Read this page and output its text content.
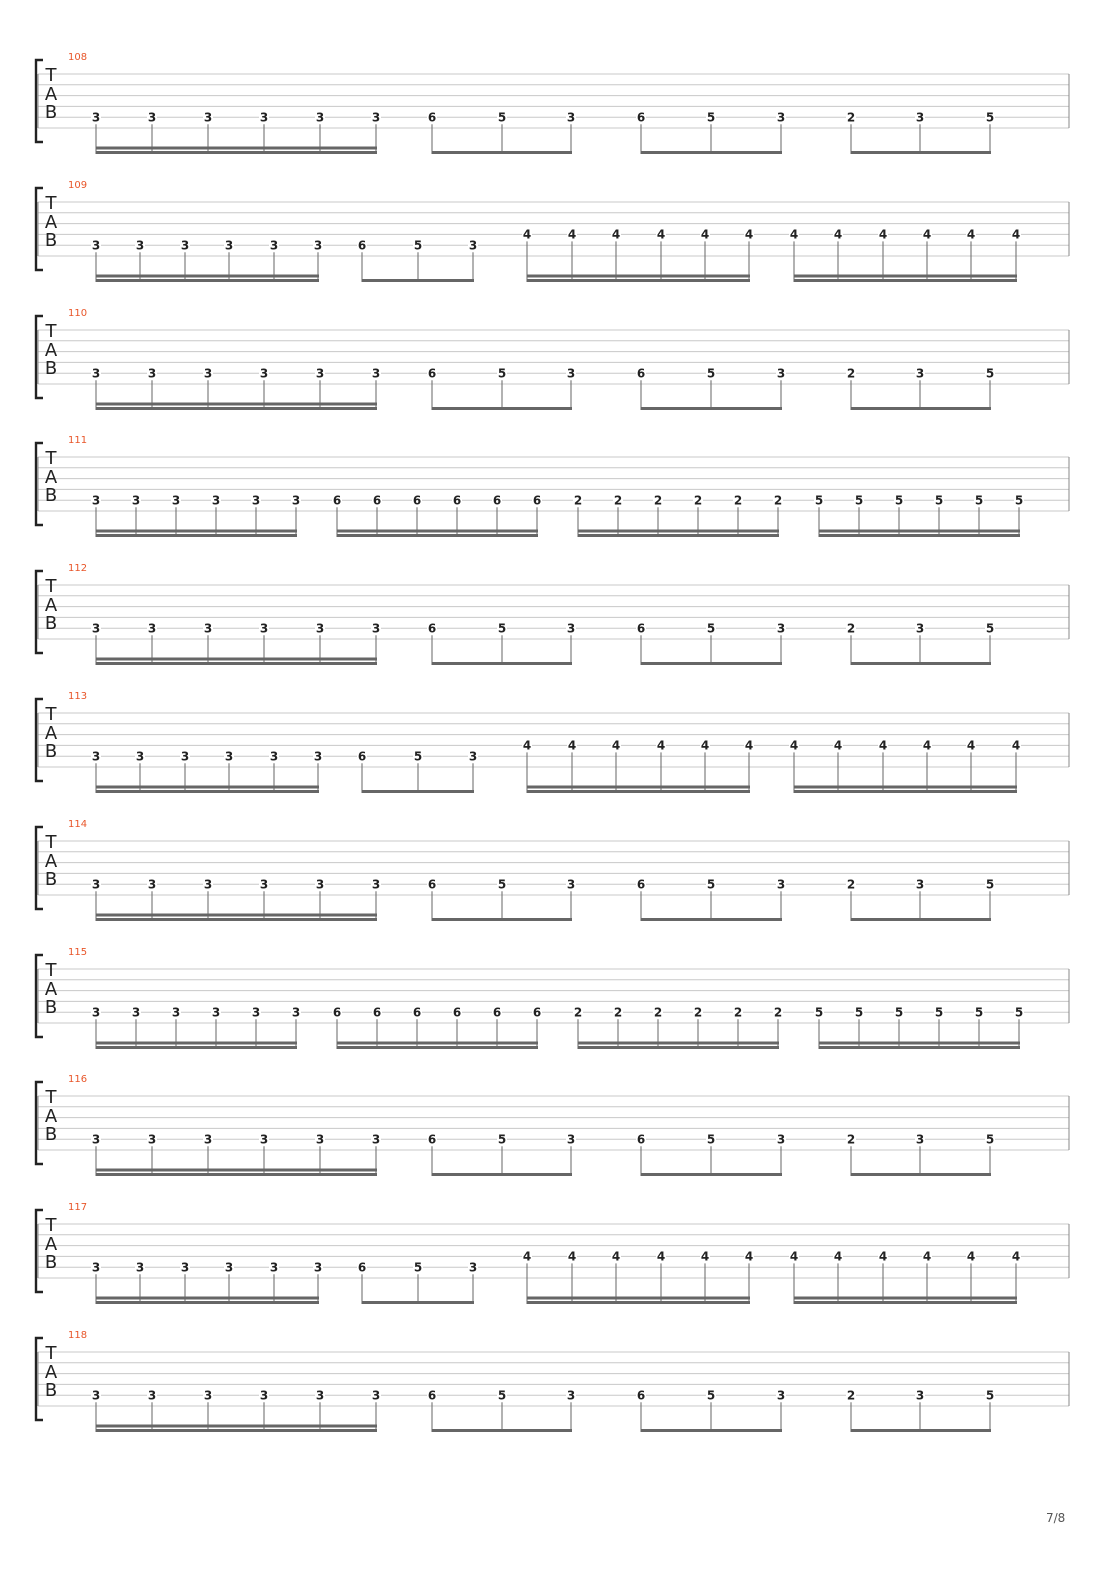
108
T
A
B	3	3	3	3	3	3	6	5	3	6	5	3	2	3	5
109
T
A
B	3	3	3	3	3	3	6	5	3
4	4	4	4	4	4	4	4	4	4	4	4
110
T
A
B	3	3	3	3	3	3	6	5	3	6	5	3	2	3	5
111
T
A
B	3	3	3	3	3	3	6	6	6	6	6	6	2	2	2	2	2	2	5	5	5	5	5	5
112
T
A
B	3	3	3	3	3	3	6	5	3	6	5	3	2	3	5
113
T
A
B	3	3	3	3	3	3	6	5	3
4	4	4	4	4	4	4	4	4	4	4	4
114
T
A
B	3	3	3	3	3	3	6	5	3	6	5	3	2	3	5
115
T
A
B	3	3	3	3	3	3	6	6	6	6	6	6	2	2	2	2	2	2	5	5	5	5	5	5
116
T
A
B	3	3	3	3	3	3	6	5	3	6	5	3	2	3	5
117
T
A
B	3	3	3	3	3	3	6	5	3
4	4	4	4	4	4	4	4	4	4	4	4
118
T
A
B	3	3	3	3	3	3	6	5	3	6	5	3	2	3	5
7/8
